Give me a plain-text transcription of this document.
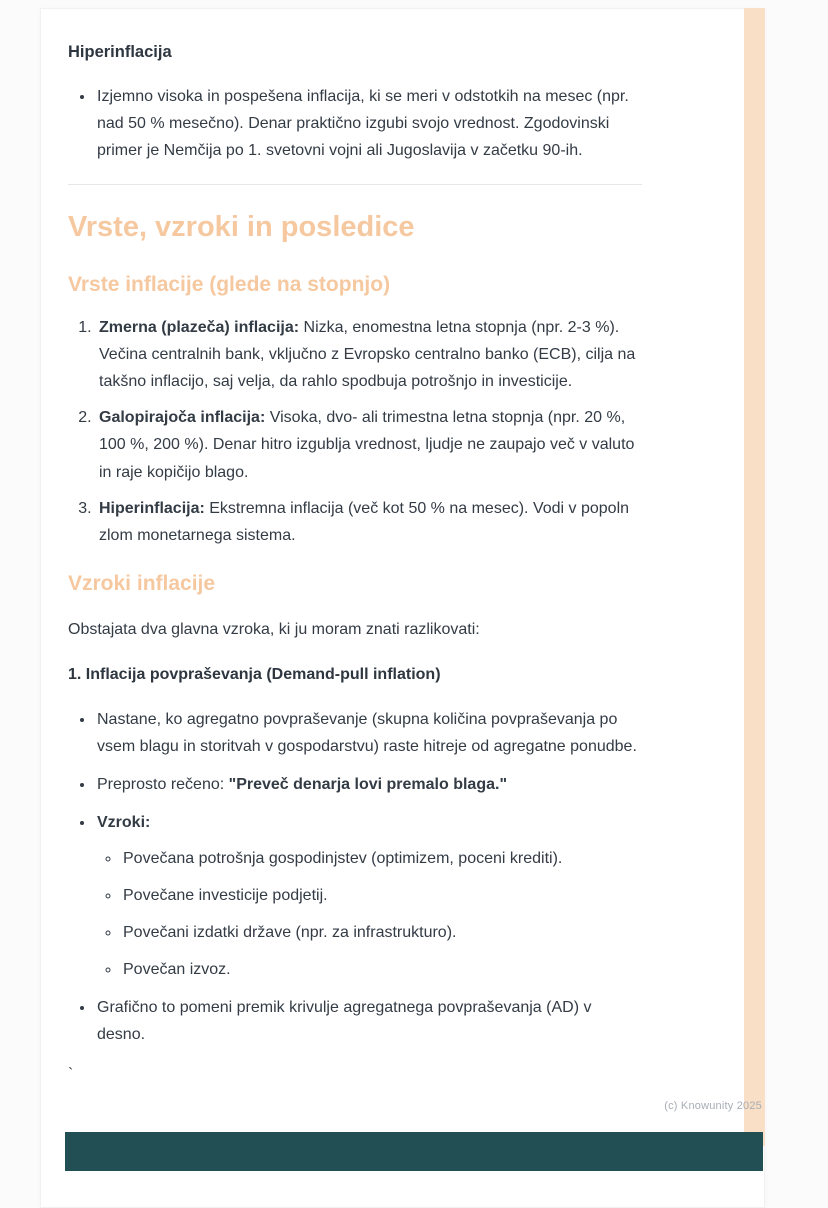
Hiperinflacija
• Izjemno visoka in pospešena inflacija, ki se meri v odstotkih na mesec (npr. nad 50 % mesečno). Denar praktično izgubi svojo vrednost. Zgodovinski primer je Nemčija po 1. svetovni vojni ali Jugoslavija v začetku 90-ih.
Vrste, vzroki in posledice
Vrste inflacije (glede na stopnjo)
1. Zmerna (plazeča) inflacija: Nizka, enomestna letna stopnja (npr. 2-3 %). Večina centralnih bank, vključno z Evropsko centralno banko (ECB), cilja na takšno inflacijo, saj velja, da rahlo spodbuja potrošnjo in investicije.
2. Galopirajoča inflacija: Visoka, dvo- ali trimestna letna stopnja (npr. 20 %, 100 %, 200 %). Denar hitro izgublja vrednost, ljudje ne zaupajo več v valuto in raje kopičijo blago.
3. Hiperinflacija: Ekstremna inflacija (več kot 50 % na mesec). Vodi v popoln zlom monetarnega sistema.
Vzroki inflacije

Obstajata dva glavna vzroka, ki ju moram znati razlikovati:

1. Inflacija povpraševanja (Demand-pull inflation)

• Nastane, ko agregatno povpraševanje (skupna količina povpraševanja po vsem blagu in storitvah v gospodarstvu) raste hitreje od agregatne ponudbe.
• Preprosto rečeno: "Preveč denarja lovi premalo blaga."
• Vzroki:
◦ Povečana potrošnja gospodinjstev (optimizem, poceni krediti).
◦ Povečane investicije podjetij.
◦ Povečani izdatki države (npr. za infrastrukturo).
◦ Povečan izvoz.
• Grafično to pomeni premik krivulje agregatnega povpraševanja (AD) v desno.

`

(c) Knowunity 2025
